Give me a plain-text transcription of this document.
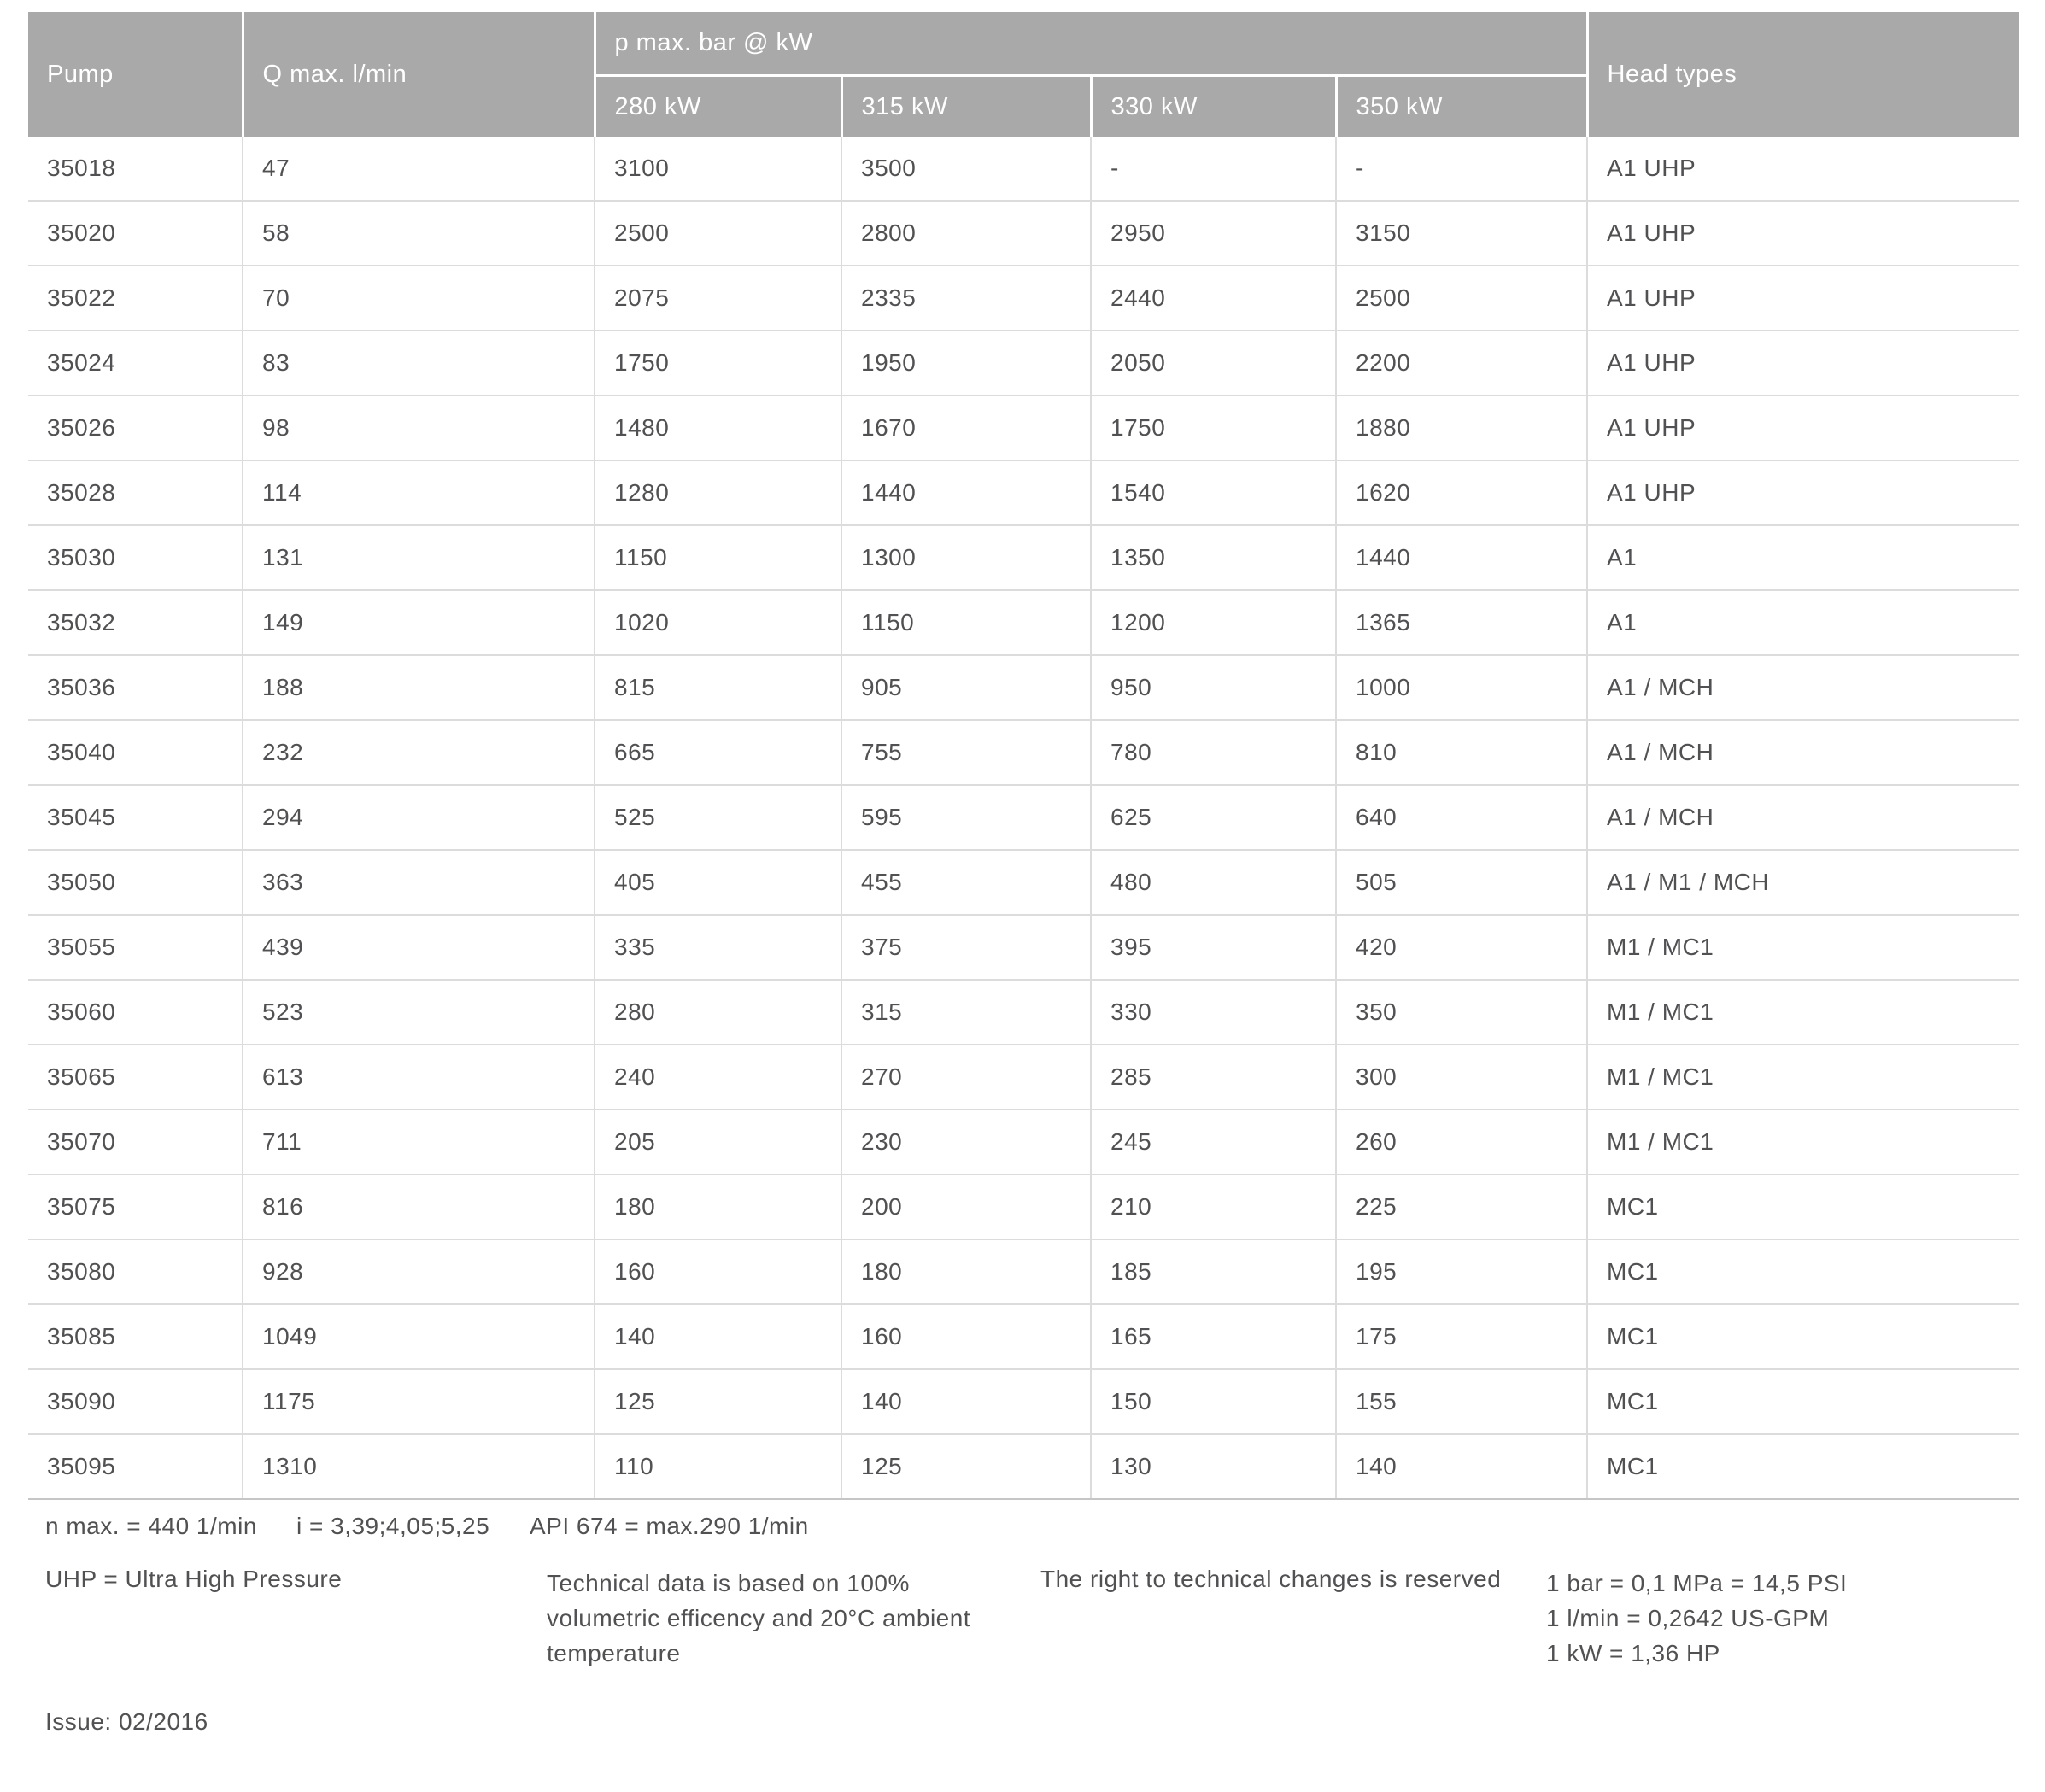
Pump	Q max. l/min	p max. bar @ kW				Head types
		280 kW	315 kW	330 kW	350 kW	
35018	47	3100	3500	-	-	A1 UHP
35020	58	2500	2800	2950	3150	A1 UHP
35022	70	2075	2335	2440	2500	A1 UHP
35024	83	1750	1950	2050	2200	A1 UHP
35026	98	1480	1670	1750	1880	A1 UHP
35028	114	1280	1440	1540	1620	A1 UHP
35030	131	1150	1300	1350	1440	A1
35032	149	1020	1150	1200	1365	A1
35036	188	815	905	950	1000	A1 / MCH
35040	232	665	755	780	810	A1 / MCH
35045	294	525	595	625	640	A1 / MCH
35050	363	405	455	480	505	A1 / M1 / MCH
35055	439	335	375	395	420	M1 / MC1
35060	523	280	315	330	350	M1 / MC1
35065	613	240	270	285	300	M1 / MC1
35070	711	205	230	245	260	M1 / MC1
35075	816	180	200	210	225	MC1
35080	928	160	180	185	195	MC1
35085	1049	140	160	165	175	MC1
35090	1175	125	140	150	155	MC1
35095	1310	110	125	130	140	MC1
n max. = 440 1/min i = 3,39;4,05;5,25 API 674 = max.290 1/min
UHP = Ultra High Pressure	Technical data is based on 100%
volumetric efficency and 20°C ambient
temperature
The right to technical changes is reserved 1 bar = 0,1 MPa = 14,5 PSI
1 l/min = 0,2642 US-GPM
1 kW = 1,36 HP
Issue: 02/2016
